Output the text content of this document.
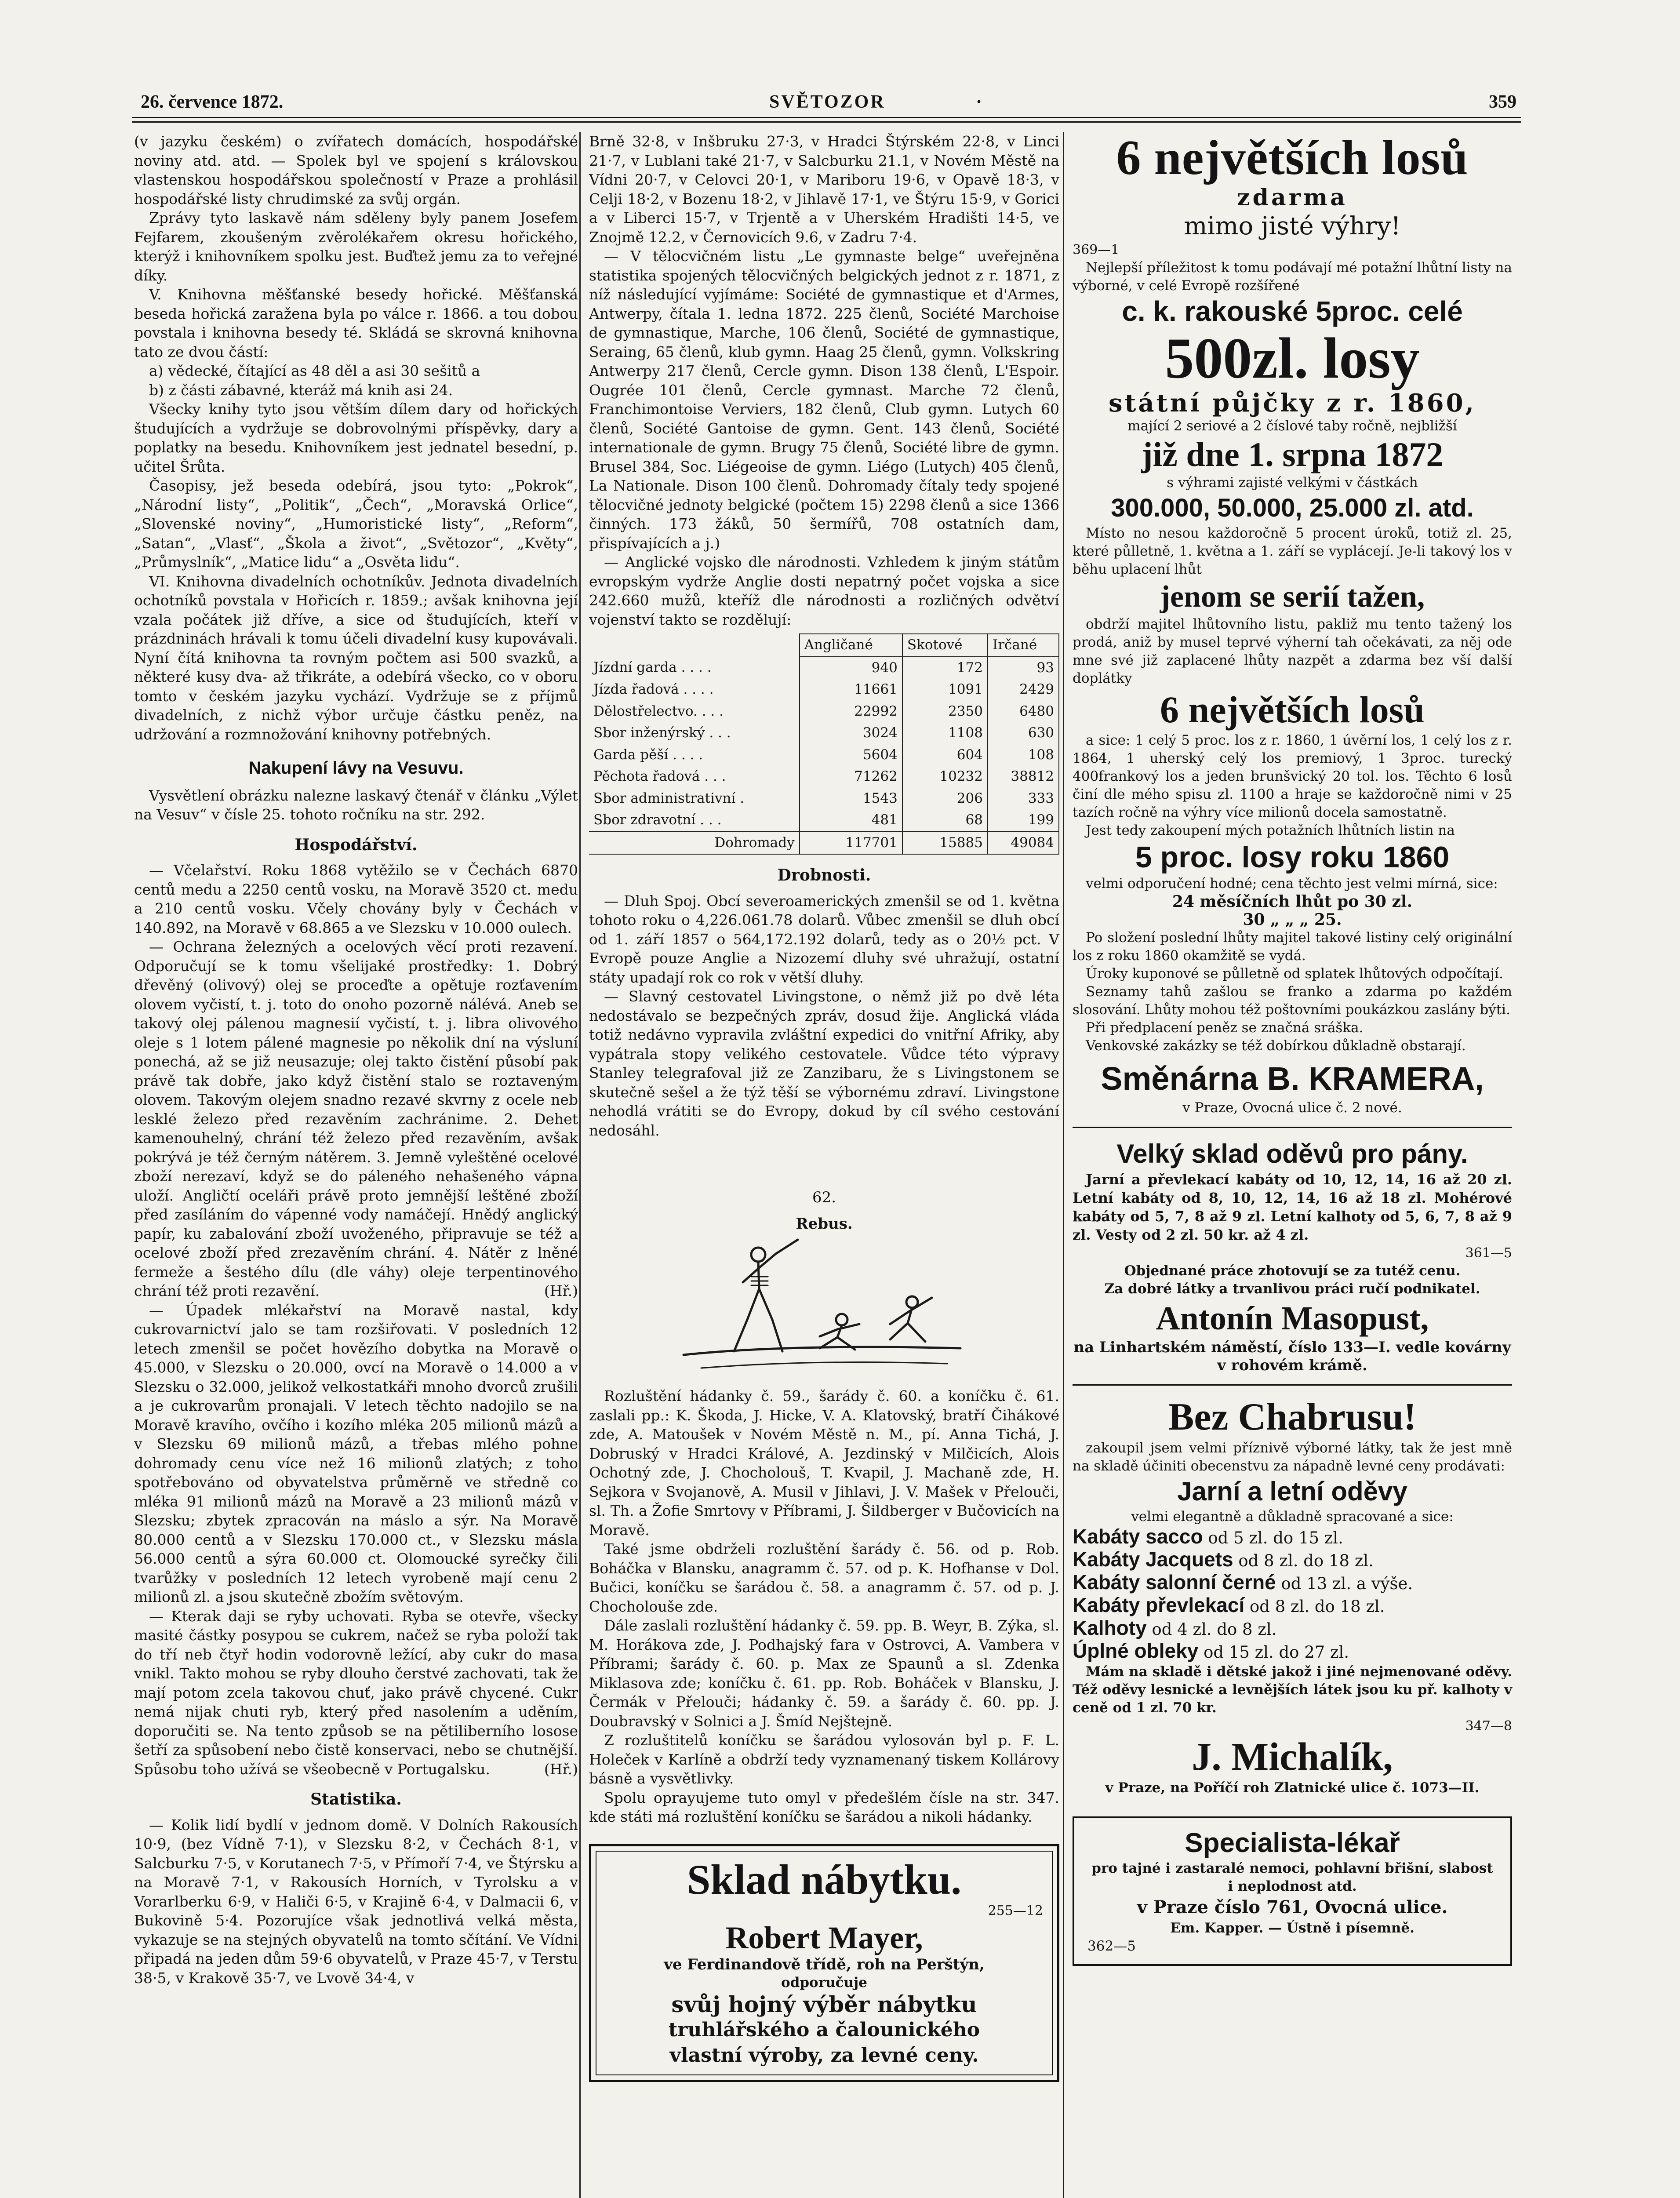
26. července 1872.	SVĚTOZOR	·	359

(v jazyku českém) o zvířatech domácích, hospodářské noviny atd. atd. — Spolek byl ve spojení s královskou vlastenskou hospodářskou společností v Praze a prohlásil hospodářské listy chrudimské za svůj orgán.

Zprávy tyto laskavě nám sděleny byly panem Josefem Fejfarem, zkoušeným zvěrolékařem okresu hořického, kterýž i knihovníkem spolku jest. Buďtež jemu za to veřejné díky.

V. Knihovna měšťanské besedy hořické. Měšťanská beseda hořická zaražena byla po válce r. 1866. a tou dobou povstala i knihovna besedy té. Skládá se skrovná knihovna tato ze dvou částí:

a) vědecké, čítající as 48 děl a asi 30 sešitů a

b) z části zábavné, kteráž má knih asi 24.

Všecky knihy tyto jsou větším dílem dary od hořických študujících a vydržuje se dobrovolnými příspěvky, dary a poplatky na besedu. Knihovníkem jest jednatel besední, p. učitel Šrůta.

Časopisy, jež beseda odebírá, jsou tyto: „Pokrok“, „Národní listy“, „Politik“, „Čech“, „Moravská Orlice“, „Slovenské noviny“, „Humoristické listy“, „Reform“, „Satan“, „Vlasť“, „Škola a život“, „Světozor“, „Květy“, „Průmyslník“, „Matice lidu“ a „Osvěta lidu“.

VI. Knihovna divadelních ochotníkův. Jednota divadelních ochotníků povstala v Hořicích r. 1859.; avšak knihovna její vzala počátek již dříve, a sice od študujících, kteří v prázdninách hrávali k tomu účeli divadelní kusy kupovávali. Nyní čítá knihovna ta rovným počtem asi 500 svazků, a některé kusy dva- až třikráte, a odebírá všecko, co v oboru tomto v českém jazyku vychází. Vydržuje se z příjmů divadelních, z nichž výbor určuje částku peněz, na udržování a rozmnožování knihovny potřebných.

Nakupení lávy na Vesuvu.

Vysvětlení obrázku nalezne laskavý čtenář v článku „Výlet na Vesuv“ v čísle 25. tohoto ročníku na str. 292.

Hospodářství.

— Včelařství. Roku 1868 vytěžilo se v Čechách 6870 centů medu a 2250 centů vosku, na Moravě 3520 ct. medu a 210 centů vosku. Včely chovány byly v Čechách v 140.892, na Moravě v 68.865 a ve Slezsku v 10.000 oulech.

— Ochrana železných a ocelových věcí proti rezavení. Odporučují se k tomu všelijaké prostředky: 1. Dobrý dřevěný (olivový) olej se proceďte a opětuje rozťavením olovem vyčistí, t. j. toto do onoho pozorně nálévá. Aneb se takový olej pálenou magnesií vyčistí, t. j. libra olivového oleje s 1 lotem pálené magnesie po několik dní na výsluní ponechá, až se již neusazuje; olej takto čistění působí pak právě tak dobře, jako když čistění stalo se roztaveným olovem. Takovým olejem snadno rezavé skvrny z ocele neb lesklé železo před rezavěním zachránime. 2. Dehet kamenouhelný, chrání též železo před rezavěním, avšak pokrývá je též černým nátěrem. 3. Jemně vyleštěné ocelové zboží nerezaví, když se do páleného nehašeného vápna uloží. Angličtí oceláři právě proto jemnější leštěné zboží před zasíláním do vápenné vody namáčejí. Hnědý anglický papír, ku zabalování zboží uvoženého, připravuje se též a ocelové zboží před zrezavěním chrání. 4. Nátěr z lněné fermeže a šestého dílu (dle váhy) oleje terpentinového chrání též proti rezavění.	(Hř.)

— Úpadek mlékařství na Moravě nastal, kdy cukrovarnictví jalo se tam rozšiřovati. V posledních 12 letech zmenšil se počet hovězího dobytka na Moravě o 45.000, v Slezsku o 20.000, ovcí na Moravě o 14.000 a v Slezsku o 32.000, jelikož velkostatkáři mnoho dvorců zrušili a je cukrovarům pronajali. V letech těchto nadojilo se na Moravě kravího, ovčího i kozího mléka 205 milionů mázů a v Slezsku 69 milionů mázů, a třebas mlého pohne dohromady cenu více než 16 milionů zlatých; z toho spotřebováno od obyvatelstva průměrně ve středně co mléka 91 milionů mázů na Moravě a 23 milionů mázů v Slezsku; zbytek zpracován na máslo a sýr. Na Moravě 80.000 centů a v Slezsku 170.000 ct., v Slezsku másla 56.000 centů a sýra 60.000 ct. Olomoucké syrečky čili tvarůžky v posledních 12 letech vyrobeně mají cenu 2 milionů zl. a jsou skutečně zbožím světovým.

— Kterak daji se ryby uchovati. Ryba se otevře, všecky masité částky posypou se cukrem, načež se ryba položí tak do tří neb čtyř hodin vodorovně ležící, aby cukr do masa vnikl. Takto mohou se ryby dlouho čerstvé zachovati, tak že mají potom zcela takovou chuť, jako právě chycené. Cukr nemá nijak chuti ryb, který před nasolením a uděním, doporučiti se. Na tento způsob se na pětiliberního losose šetří za spůsobení nebo čistě konservaci, nebo se chutnější. Spůsobu toho užívá se všeobecně v Portugalsku.	(Hř.)

Statistika.

— Kolik lidí bydlí v jednom domě. V Dolních Rakousích 10·9, (bez Vídně 7·1), v Slezsku 8·2, v Čechách 8·1, v Salcburku 7·5, v Korutanech 7·5, v Přímoří 7·4, ve Štýrsku a na Moravě 7·1, v Rakousích Horních, v Tyrolsku a v Vorarlberku 6·9, v Haliči 6·5, v Krajině 6·4, v Dalmacii 6, v Bukovině 5·4. Pozorujíce však jednotlivá velká města, vykazuje se na stejných obyvatelů na tomto sčítání. Ve Vídni připadá na jeden dům 59·6 obyvatelů, v Praze 45·7, v Terstu 38·5, v Krakově 35·7, ve Lvově 34·4, v

Brně 32·8, v Inšbruku 27·3, v Hradci Štýrském 22·8, v Linci 21·7, v Lublani také 21·7, v Salcburku 21.1, v Novém Městě na Vídni 20·7, v Celovci 20·1, v Mariboru 19·6, v Opavě 18·3, v Celji 18·2, v Bozenu 18·2, v Jihlavě 17·1, ve Štýru 15·9, v Gorici a v Liberci 15·7, v Trjentě a v Uherském Hradišti 14·5, ve Znojmě 12.2, v Černovicích 9.6, v Zadru 7·4.

— V tělocvičném listu „Le gymnaste belge“ uveřejněna statistika spojených tělocvičných belgických jednot z r. 1871, z níž následující vyjímáme: Société de gymnastique et d'Armes, Antwerpy, čítala 1. ledna 1872. 225 členů, Société Marchoise de gymnastique, Marche, 106 členů, Société de gymnastique, Seraing, 65 členů, klub gymn. Haag 25 členů, gymn. Volkskring Antwerpy 217 členů, Cercle gymn. Dison 138 členů, L'Espoir. Ougrée 101 členů, Cercle gymnast. Marche 72 členů, Franchimontoise Verviers, 182 členů, Club gymn. Lutych 60 členů, Société Gantoise de gymn. Gent. 143 členů, Société internationale de gymn. Brugy 75 členů, Société libre de gymn. Brusel 384, Soc. Liégeoise de gymn. Liégo (Lutych) 405 členů, La Nationale. Dison 100 členů. Dohromady čítaly tedy spojené tělocvičné jednoty belgické (počtem 15) 2298 členů a sice 1366 činných. 173 žáků, 50 šermířů, 708 ostatních dam, přispívajících a j.)

— Anglické vojsko dle národnosti. Vzhledem k jiným státům evropským vydrže Anglie dosti nepatrný počet vojska a sice 242.660 mužů, kteříž dle národnosti a rozličných odvětví vojenství takto se rozdělují:

	Angličané	Skotové	Irčané
Jízdní garda . . . .	940	172	93
Jízda řadová . . . .	11661	1091	2429
Dělostřelectvo. . . .	22992	2350	6480
Sbor inženýrský . . .	3024	1108	630
Garda pěší . . . .	5604	604	108
Pěchota řadová . . .	71262	10232	38812
Sbor administrativní .	1543	206	333
Sbor zdravotní . . .	481	68	199
Dohromady	117701	15885	49084
Drobnosti.

— Dluh Spoj. Obcí severoamerických zmenšil se od 1. května tohoto roku o 4,226.061.78 dolarů. Vůbec zmenšil se dluh obcí od 1. září 1857 o 564,172.192 dolarů, tedy as o 20½ pct. V Evropě pouze Anglie a Nizozemí dluhy své uhražují, ostatní státy upadají rok co rok v větší dluhy.

— Slavný cestovatel Livingstone, o němž již po dvě léta nedostávalo se bezpečných zpráv, dosud žije. Anglická vláda totiž nedávno vypravila zvláštní expedici do vnitřní Afriky, aby vypátrala stopy velikého cestovatele. Vůdce této výpravy Stanley telegrafoval již ze Zanzibaru, že s Livingstonem se skutečně sešel a že týž těší se výbornému zdraví. Livingstone nehodlá vrátiti se do Evropy, dokud by cíl svého cestování nedosáhl.

62.
Rebus.

Rozluštění hádanky č. 59., šarády č. 60. a koníčku č. 61. zaslali pp.: K. Škoda, J. Hicke, V. A. Klatovský, bratří Čihákové zde, A. Matoušek v Novém Městě n. M., pí. Anna Tichá, J. Dobruský v Hradci Králové, A. Jezdinský v Milčicích, Alois Ochotný zde, J. Chocholouš, T. Kvapil, J. Machaně zde, H. Sejkora v Svojanově, A. Musil v Jihlavi, J. V. Mašek v Přelouči, sl. Th. a Žofie Smrtovy v Příbrami, J. Šildberger v Bučovicích na Moravě.

Také jsme obdrželi rozluštění šarády č. 56. od p. Rob. Boháčka v Blansku, anagramm č. 57. od p. K. Hofhanse v Dol. Bučici, koníčku se šarádou č. 58. a anagramm č. 57. od p. J. Chocholouše zde.

Dále zaslali rozluštění hádanky č. 59. pp. B. Weyr, B. Zýka, sl. M. Horákova zde, J. Podhajský fara v Ostrovci, A. Vambera v Příbrami; šarády č. 60. p. Max ze Spaunů a sl. Zdenka Miklasova zde; koníčku č. 61. pp. Rob. Boháček v Blansku, J. Čermák v Přelouči; hádanky č. 59. a šarády č. 60. pp. J. Doubravský v Solnici a J. Šmíd Nejštejně.

Z rozluštitelů koníčku se šarádou vylosován byl p. F. L. Holeček v Karlíně a obdrží tedy vyznamenaný tiskem Kollárovy básně a vysvětlivky.

Spolu oprayujeme tuto omyl v předešlém čísle na str. 347. kde státi má rozluštění koníčku se šarádou a nikoli hádanky.

Sklad nábytku.
255—12
Robert Mayer,
ve Ferdinandově třídě, roh na Perštýn,
odporučuje
svůj hojný výběr nábytku
truhlářského a čalounického
vlastní výroby, za levné ceny.
6 největších losů
zdarma
mimo jisté výhry!
369—1
Nejlepší příležitost k tomu podávají mé potažní lhůtní listy na výborné, v celé Evropě rozšířené
c. k. rakouské 5proc. celé
500zl. losy
státní půjčky z r. 1860,
mající 2 seriové a 2 číslové taby ročně, nejbližší
již dne 1. srpna 1872
s výhrami zajisté velkými v částkách
300.000, 50.000, 25.000 zl. atd.
Místo no nesou každoročně 5 procent úroků, totiž zl. 25, které půlletně, 1. května a 1. září se vyplácejí. Je-li takový los v běhu uplacení lhůt
jenom se serií tažen,
obdrží majitel lhůtovního listu, pakliž mu tento tažený los prodá, aniž by musel teprvé výherní tah očekávati, za něj ode mne své již zaplacené lhůty nazpět a zdarma bez vší další doplátky
6 největších losů
a sice: 1 celý 5 proc. los z r. 1860, 1 úvěrní los, 1 celý los z r. 1864, 1 uherský celý los premiový, 1 3proc. turecký 400frankový los a jeden brunšvický 20 tol. los. Těchto 6 losů činí dle mého spisu zl. 1100 a hraje se každoročně nimi v 25 tazích ročně na výhry více milionů docela samostatně.
Jest tedy zakoupení mých potažních lhůtních listin na
5 proc. losy roku 1860
velmi odporučení hodné; cena těchto jest velmi mírná, sice:
24 měsíčních lhůt po 30 zl.
30 „ „ „ 25.
Po složení poslední lhůty majitel takové listiny celý originální los z roku 1860 okamžitě se vydá.
Úroky kuponové se půlletně od splatek lhůtových odpočítají.
Seznamy tahů zašlou se franko a zdarma po každém slosování. Lhůty mohou též poštovními poukázkou zaslány býti.
Při předplacení peněz se značná sráška.
Venkovské zakázky se též dobírkou důkladně obstarají.
Směnárna B. KRAMERA,
v Praze, Ovocná ulice č. 2 nové.
Velký sklad oděvů pro pány.
Jarní a převlekací kabáty od 10, 12, 14, 16 až 20 zl. Letní kabáty od 8, 10, 12, 14, 16 až 18 zl. Mohérové kabáty od 5, 7, 8 až 9 zl. Letní kalhoty od 5, 6, 7, 8 až 9 zl. Vesty od 2 zl. 50 kr. až 4 zl.
361—5
Objednané práce zhotovují se za tutéž cenu.
Za dobré látky a trvanlivou práci ručí podnikatel.
Antonín Masopust,
na Linhartském náměstí, číslo 133—I. vedle kovárny v rohovém krámě.
Bez Chabrusu!
zakoupil jsem velmi příznivě výborné látky, tak že jest mně na skladě účiniti obecenstvu za nápadně levné ceny prodávati:
Jarní a letní oděvy
velmi elegantně a důkladně spracované a sice:
Kabáty sacco od 5 zl. do 15 zl.
Kabáty Jacquets od 8 zl. do 18 zl.
Kabáty salonní černé od 13 zl. a výše.
Kabáty převlekací od 8 zl. do 18 zl.
Kalhoty od 4 zl. do 8 zl.
Úplné obleky od 15 zl. do 27 zl.
Mám na skladě i dětské jakož i jiné nejmenované oděvy. Též oděvy lesnické a levnějších látek jsou ku př. kalhoty v ceně od 1 zl. 70 kr.
347—8
J. Michalík,
v Praze, na Poříčí roh Zlatnické ulice č. 1073—II.
Specialista-lékař
pro tajné i zastaralé nemoci, pohlavní břišní, slabost i neplodnost atd.
v Praze číslo 761, Ovocná ulice.
Em. Kapper. — Ústně i písemně.
362—5
